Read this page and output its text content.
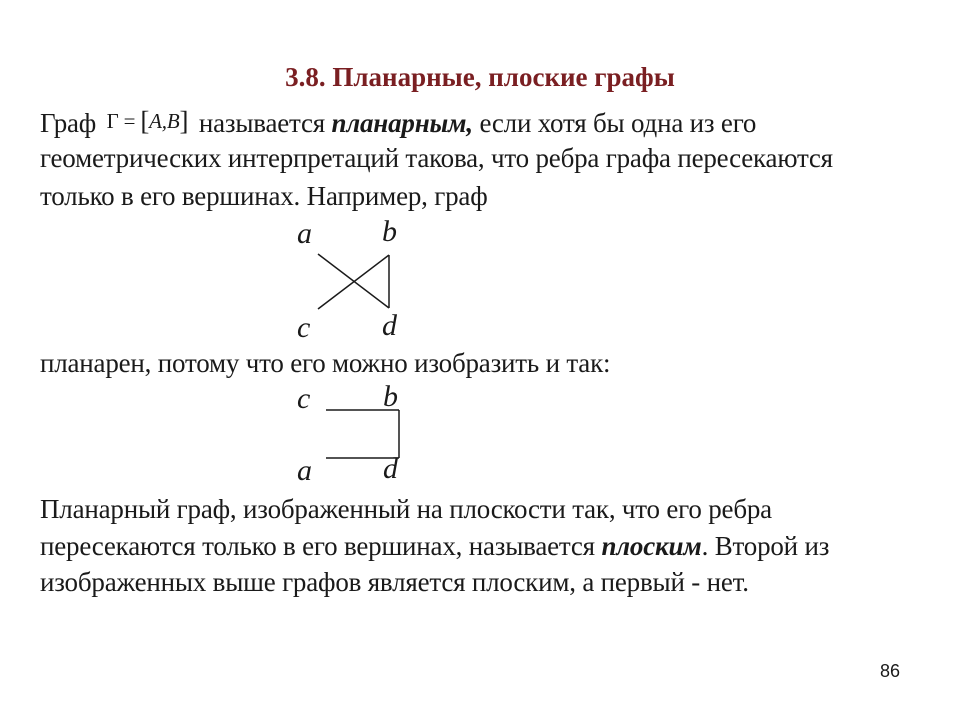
3.8. Планарные, плоские графы
Граф Γ = [A,B] называется планарным, если хотя бы одна из его
геометрических интерпретаций такова, что ребра графа пересекаются
только в его вершинах. Например, граф
a b
c d
планарен, потому что его можно изобразить и так:
c b
a d
Планарный граф, изображенный на плоскости так, что его ребра
пересекаются только в его вершинах, называется плоским. Второй из
изображенных выше графов является плоским, а первый - нет.
86
